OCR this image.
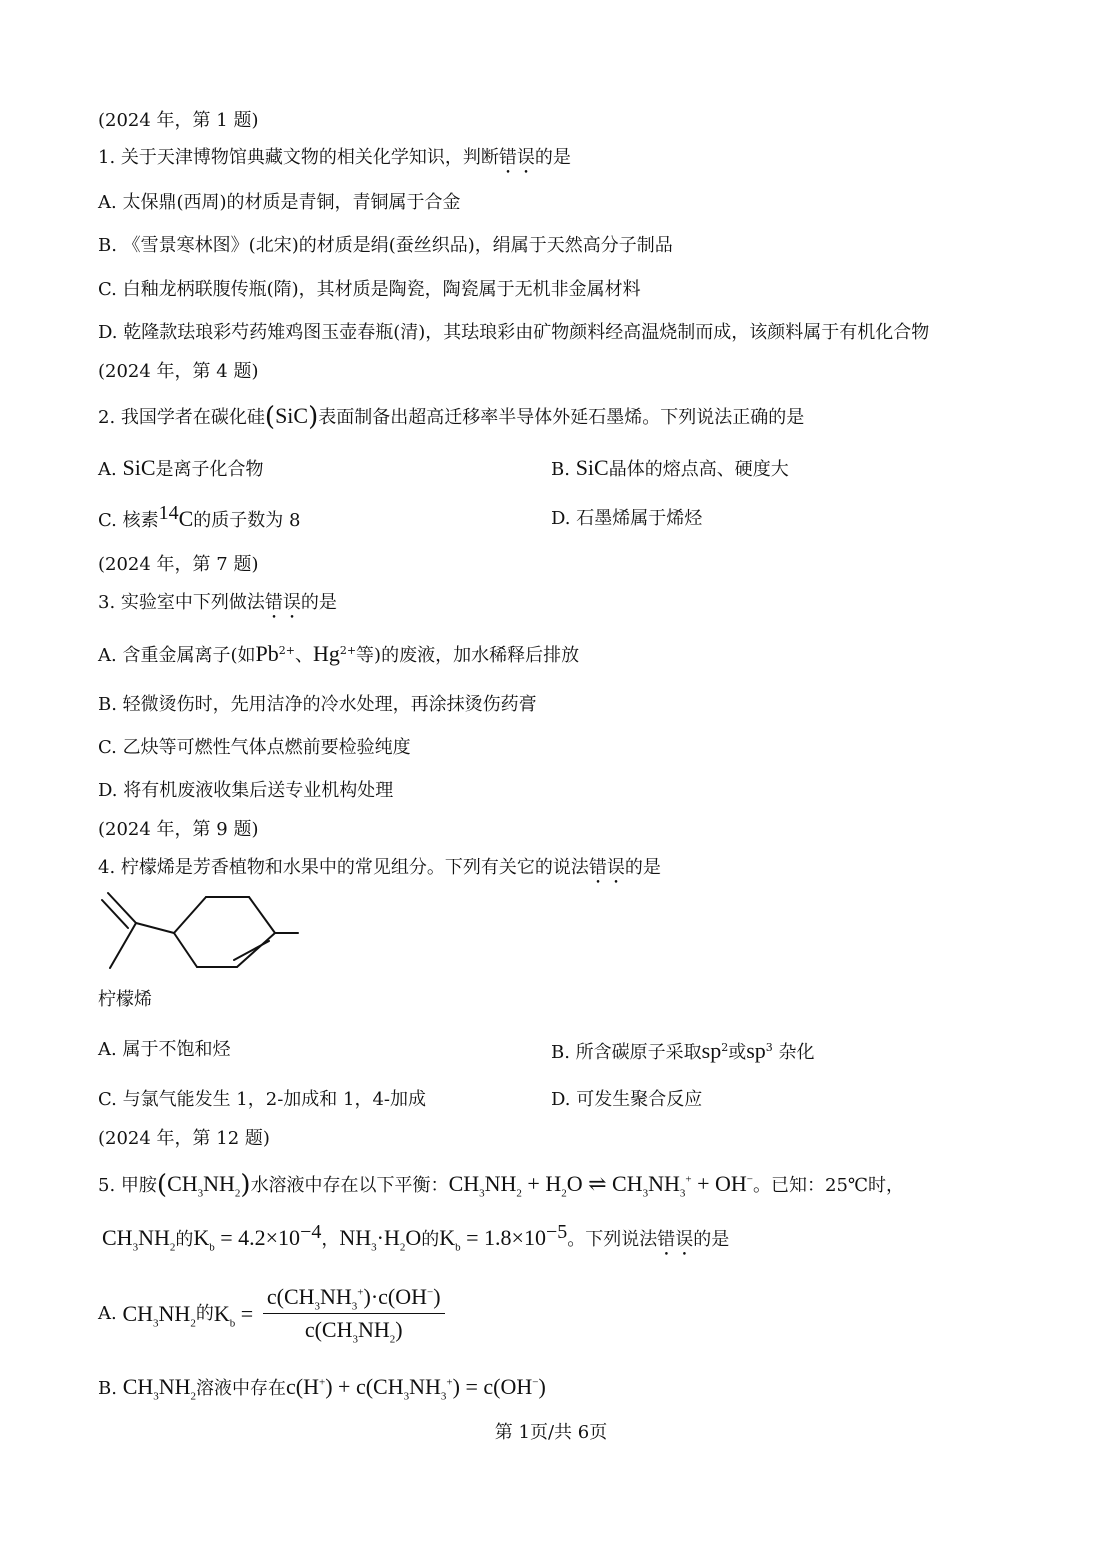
(2024 年，第 1 题)
1. 关于天津博物馆典藏文物的相关化学知识，判断错误的是
A. 太保鼎(西周)的材质是青铜，青铜属于合金
B. 《雪景寒林图》(北宋)的材质是绢(蚕丝织品)，绢属于天然高分子制品
C. 白釉龙柄联腹传瓶(隋)，其材质是陶瓷，陶瓷属于无机非金属材料
D. 乾隆款珐琅彩芍药雉鸡图玉壶春瓶(清)，其珐琅彩由矿物颜料经高温烧制而成，该颜料属于有机化合物
(2024 年，第 4 题)
2. 我国学者在碳化硅(SiC)表面制备出超高迁移率半导体外延石墨烯。下列说法正确的是
A. SiC是离子化合物	B. SiC晶体的熔点高、硬度大
C. 核素$^{14}$C的质子数为 8	D. 石墨烯属于烯烃
(2024 年，第 7 题)
3. 实验室中下列做法错误的是
A. 含重金属离子(如$Pb^{2+}$、$Hg^{2+}$等)的废液，加水稀释后排放
B. 轻微烫伤时，先用洁净的冷水处理，再涂抹烫伤药膏
C. 乙炔等可燃性气体点燃前要检验纯度
D. 将有机废液收集后送专业机构处理
(2024 年，第 9 题)
4. 柠檬烯是芳香植物和水果中的常见组分。下列有关它的说法错误的是
柠檬烯
A. 属于不饱和烃	B. 所含碳原子采取$sp^2$或$sp^3$ 杂化
C. 与氯气能发生 1，2-加成和 1，4-加成	D. 可发生聚合反应
(2024 年，第 12 题)
5. 甲胺$(CH_3NH_2)$水溶液中存在以下平衡：$CH_3NH_2 + H_2O$ ⇌ $CH_3NH_3^+ + OH^-$。已知：25℃时，
$CH_3NH_2$的$K_b = 4.2\times 10^{-4}$，$NH_3\cdot H_2O$的$K_b = 1.8\times 10^{-5}$。下列说法错误的是
A. $CH_3NH_2$的$K_b = \frac{c(CH_3NH_3^+)\cdot c(OH^-)}{c(CH_3NH_2)}$
B. $CH_3NH_2$溶液中存在$c(H^+) + c(CH_3NH_3^+) = c(OH^-)$
第 1页/共 6页
